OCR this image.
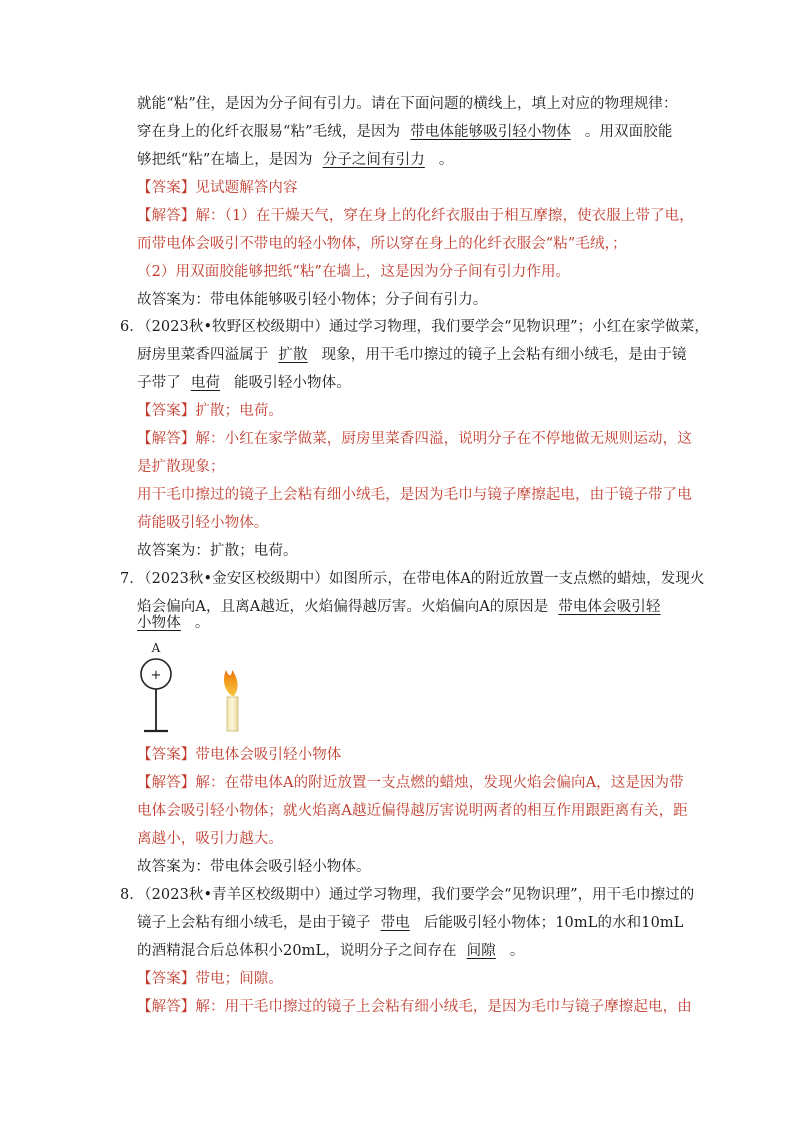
就能“粘”住，是因为分子间有引力。请在下面问题的横线上，填上对应的物理规律：
穿在身上的化纤衣服易“粘”毛绒，是因为 带电体能够吸引轻小物体 。用双面胶能
够把纸“粘”在墙上，是因为 分子之间有引力 。
【答案】见试题解答内容
【解答】解：（1）在干燥天气，穿在身上的化纤衣服由于相互摩擦，使衣服上带了电，
而带电体会吸引不带电的轻小物体，所以穿在身上的化纤衣服会“粘”毛绒，；
（2）用双面胶能够把纸“粘”在墙上，这是因为分子间有引力作用。
故答案为：带电体能够吸引轻小物体；分子间有引力。
6．
（2023秋•牧野区校级期中）通过学习物理，我们要学会“见物识理”；小红在家学做菜，
厨房里菜香四溢属于 扩散 现象，用干毛巾擦过的镜子上会粘有细小绒毛，是由于镜
子带了 电荷 能吸引轻小物体。
【答案】扩散；电荷。
【解答】解：小红在家学做菜，厨房里菜香四溢，说明分子在不停地做无规则运动，这
是扩散现象；
用干毛巾擦过的镜子上会粘有细小绒毛，是因为毛巾与镜子摩擦起电，由于镜子带了电
荷能吸引轻小物体。
故答案为：扩散；电荷。
7．
（2023秋•金安区校级期中）如图所示，在带电体A的附近放置一支点燃的蜡烛，发现火
焰会偏向A，且离A越近，火焰偏得越厉害。火焰偏向A的原因是 带电体会吸引轻
小物体 。
A
+
【答案】带电体会吸引轻小物体
【解答】解：在带电体A的附近放置一支点燃的蜡烛，发现火焰会偏向A，这是因为带
电体会吸引轻小物体；就火焰离A越近偏得越厉害说明两者的相互作用跟距离有关，距
离越小，吸引力越大。
故答案为：带电体会吸引轻小物体。
8．
（2023秋•青羊区校级期中）通过学习物理，我们要学会“见物识理”，用干毛巾擦过的
镜子上会粘有细小绒毛，是由于镜子 带电 后能吸引轻小物体；10mL的水和10mL
的酒精混合后总体积小20mL，说明分子之间存在 间隙 。
【答案】带电；间隙。
【解答】解：用干毛巾擦过的镜子上会粘有细小绒毛，是因为毛巾与镜子摩擦起电，由
